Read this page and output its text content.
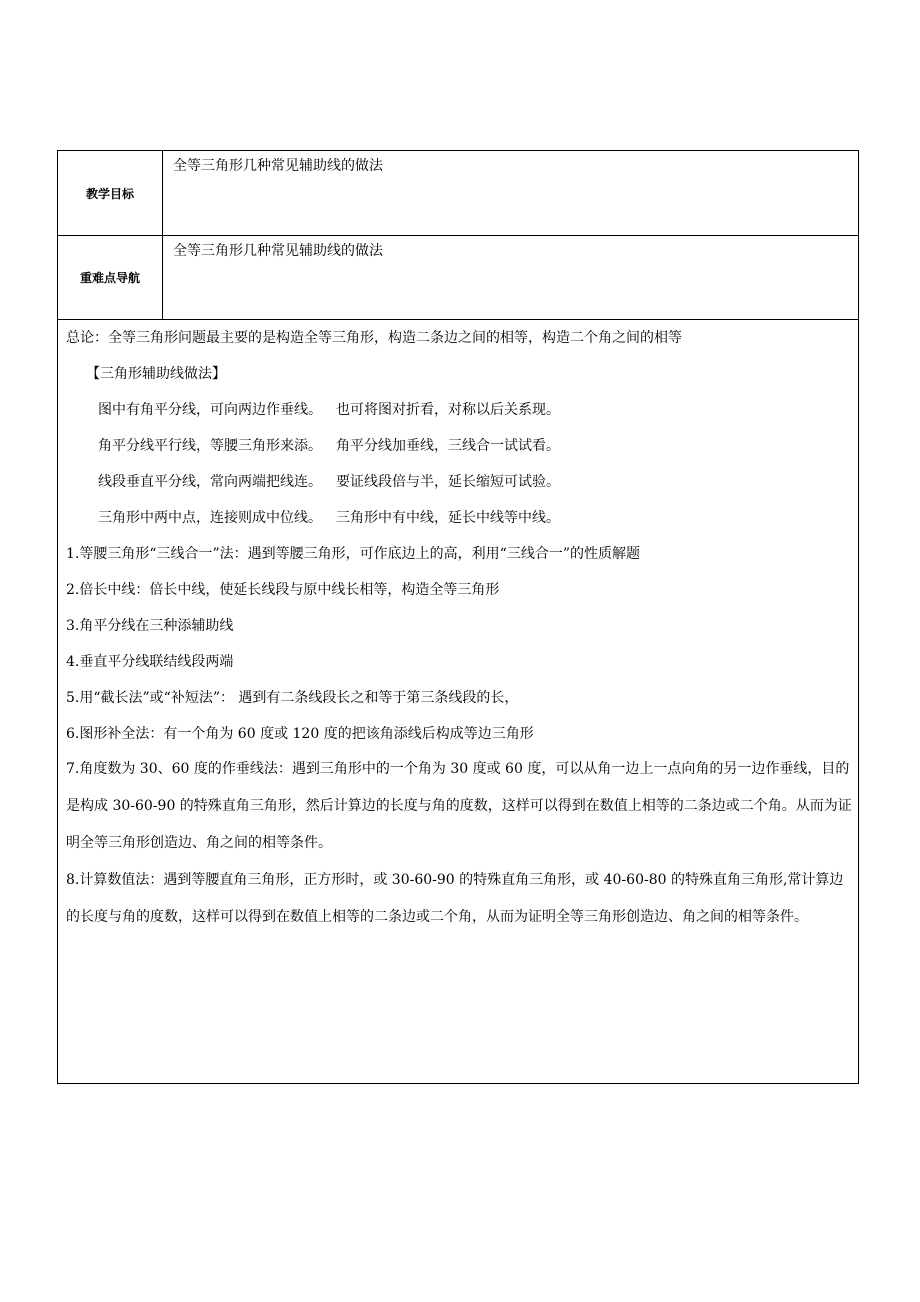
教学目标
全等三角形几种常见辅助线的做法
重难点导航
全等三角形几种常见辅助线的做法
总论：全等三角形问题最主要的是构造全等三角形，构造二条边之间的相等，构造二个角之间的相等
【三角形辅助线做法】
图中有角平分线，可向两边作垂线。 也可将图对折看，对称以后关系现。
角平分线平行线，等腰三角形来添。 角平分线加垂线，三线合一试试看。
线段垂直平分线，常向两端把线连。 要证线段倍与半，延长缩短可试验。
三角形中两中点，连接则成中位线。 三角形中有中线，延长中线等中线。
1.等腰三角形“三线合一”法：遇到等腰三角形，可作底边上的高，利用“三线合一”的性质解题
2.倍长中线：倍长中线，使延长线段与原中线长相等，构造全等三角形
3.角平分线在三种添辅助线
4.垂直平分线联结线段两端
5.用“截长法”或“补短法”： 遇到有二条线段长之和等于第三条线段的长，
6.图形补全法：有一个角为 60 度或 120 度的把该角添线后构成等边三角形
7.角度数为 30、60 度的作垂线法：遇到三角形中的一个角为 30 度或 60 度，可以从角一边上一点向角的另一边作垂线，目的是构成 30-60-90 的特殊直角三角形，然后计算边的长度与角的度数，这样可以得到在数值上相等的二条边或二个角。从而为证明全等三角形创造边、角之间的相等条件。
8.计算数值法：遇到等腰直角三角形，正方形时，或 30-60-90 的特殊直角三角形，或 40-60-80 的特殊直角三角形,常计算边的长度与角的度数，这样可以得到在数值上相等的二条边或二个角，从而为证明全等三角形创造边、角之间的相等条件。
